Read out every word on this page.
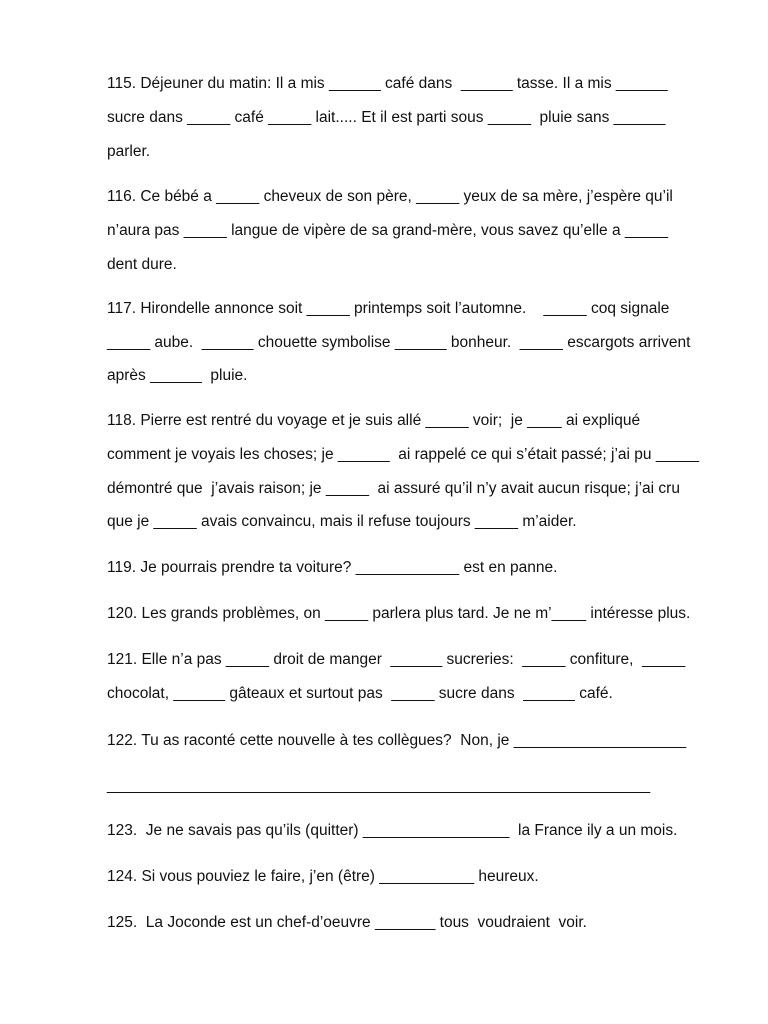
115. Déjeuner du matin: Il a mis ______ café dans  ______ tasse. Il a mis ______
sucre dans _____ café _____ lait..... Et il est parti sous _____  pluie sans ______
parler.
116. Ce bébé a _____ cheveux de son père, _____ yeux de sa mère, j’espère qu’il
n’aura pas _____ langue de vipère de sa grand-mère, vous savez qu’elle a _____
dent dure.
117. Hirondelle annonce soit _____ printemps soit l’automne.    _____ coq signale
_____ aube.  ______ chouette symbolise ______ bonheur.  _____ escargots arrivent
après ______  pluie.
118. Pierre est rentré du voyage et je suis allé _____ voir;  je ____ ai expliqué
comment je voyais les choses; je ______  ai rappelé ce qui s’était passé; j’ai pu _____
démontré que  j’avais raison; je _____  ai assuré qu’il n’y avait aucun risque; j’ai cru
que je _____ avais convaincu, mais il refuse toujours _____ m’aider.
119. Je pourrais prendre ta voiture? ____________ est en panne.
120. Les grands problèmes, on _____ parlera plus tard. Je ne m’____ intéresse plus.
121. Elle n’a pas _____ droit de manger  ______ sucreries:  _____ confiture,  _____
chocolat, ______ gâteaux et surtout pas  _____ sucre dans  ______ café.
122. Tu as raconté cette nouvelle à tes collègues?  Non, je ____________________
_______________________________________________________________
123.  Je ne savais pas qu’ils (quitter) _________________  la France ily a un mois.
124. Si vous pouviez le faire, j’en (être) ___________ heureux.
125.  La Joconde est un chef-d’oeuvre _______ tous  voudraient  voir.
